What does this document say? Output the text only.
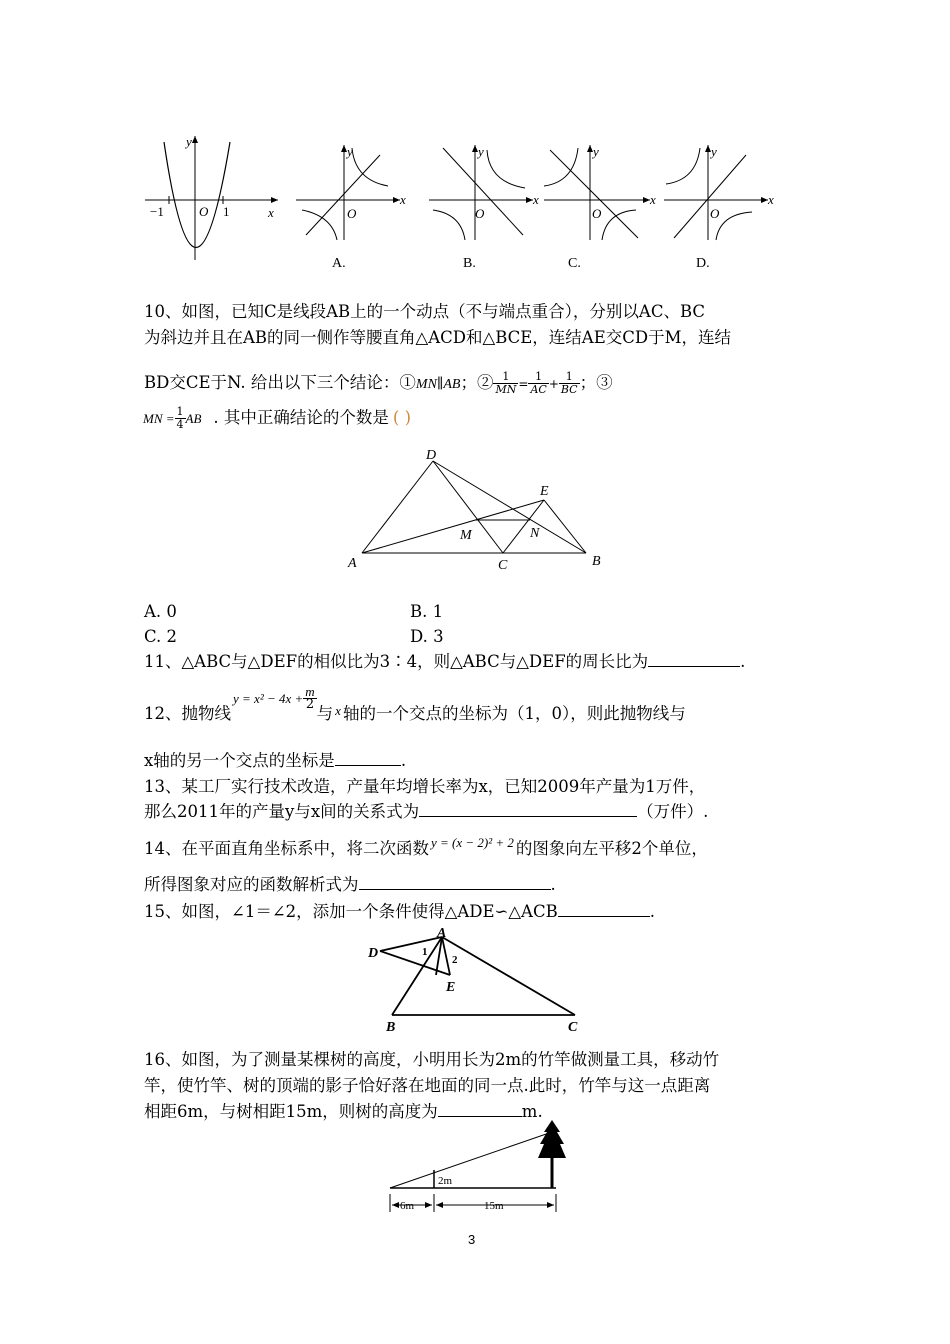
y
x
O
−1	1
y
x
O
A.
y
x
O
B.
y
x
O
C.
y
x
O
D.
10、如图，已知C是线段AB上的一个动点（不与端点重合），分别以AC、BC
为斜边并且在AB的同一侧作等腰直角△ACD和△BCE，连结AE交CD于M，连结
BD交CE于N. 给出以下三个结论：①MN∥AB；② $\frac{1}{MN} = \frac{1}{AC} + \frac{1}{BC}$ ；③
MN = $\frac{1}{4}$ AB . 其中正确结论的个数是 ( )
A	B
C
D
E
M	N
A. 0	B. 1
C. 2	D. 3
11、△ABC与△DEF的相似比为3∶4，则△ABC与△DEF的周长比为	.
12、抛物线$y = x^2 - 4x + \frac{m}{2}$
与 $^x$ 轴的一个交点的坐标为（1，0），则此抛物线与
x轴的另一个交点的坐标是	.
13、某工厂实行技术改造，产量年均增长率为x，已知2009年产量为1万件，
那么2011年的产量y与x间的关系式为	（万件）.
14、在平面直角坐标系中，将二次函数 $^{y = (x - 2)^2 + 2}$ 的图象向左平移2个单位，
所得图象对应的函数解析式为	.
15、如图，∠1＝∠2，添加一个条件使得△ADE∽△ACB	.
A
D
E
B	C
1
2
16、如图，为了测量某棵树的高度，小明用长为2m的竹竿做测量工具，移动竹
竿，使竹竿、树的顶端的影子恰好落在地面的同一点.此时，竹竿与这一点距离
相距6m，与树相距15m，则树的高度为	m.
2m
6m	15m
3
